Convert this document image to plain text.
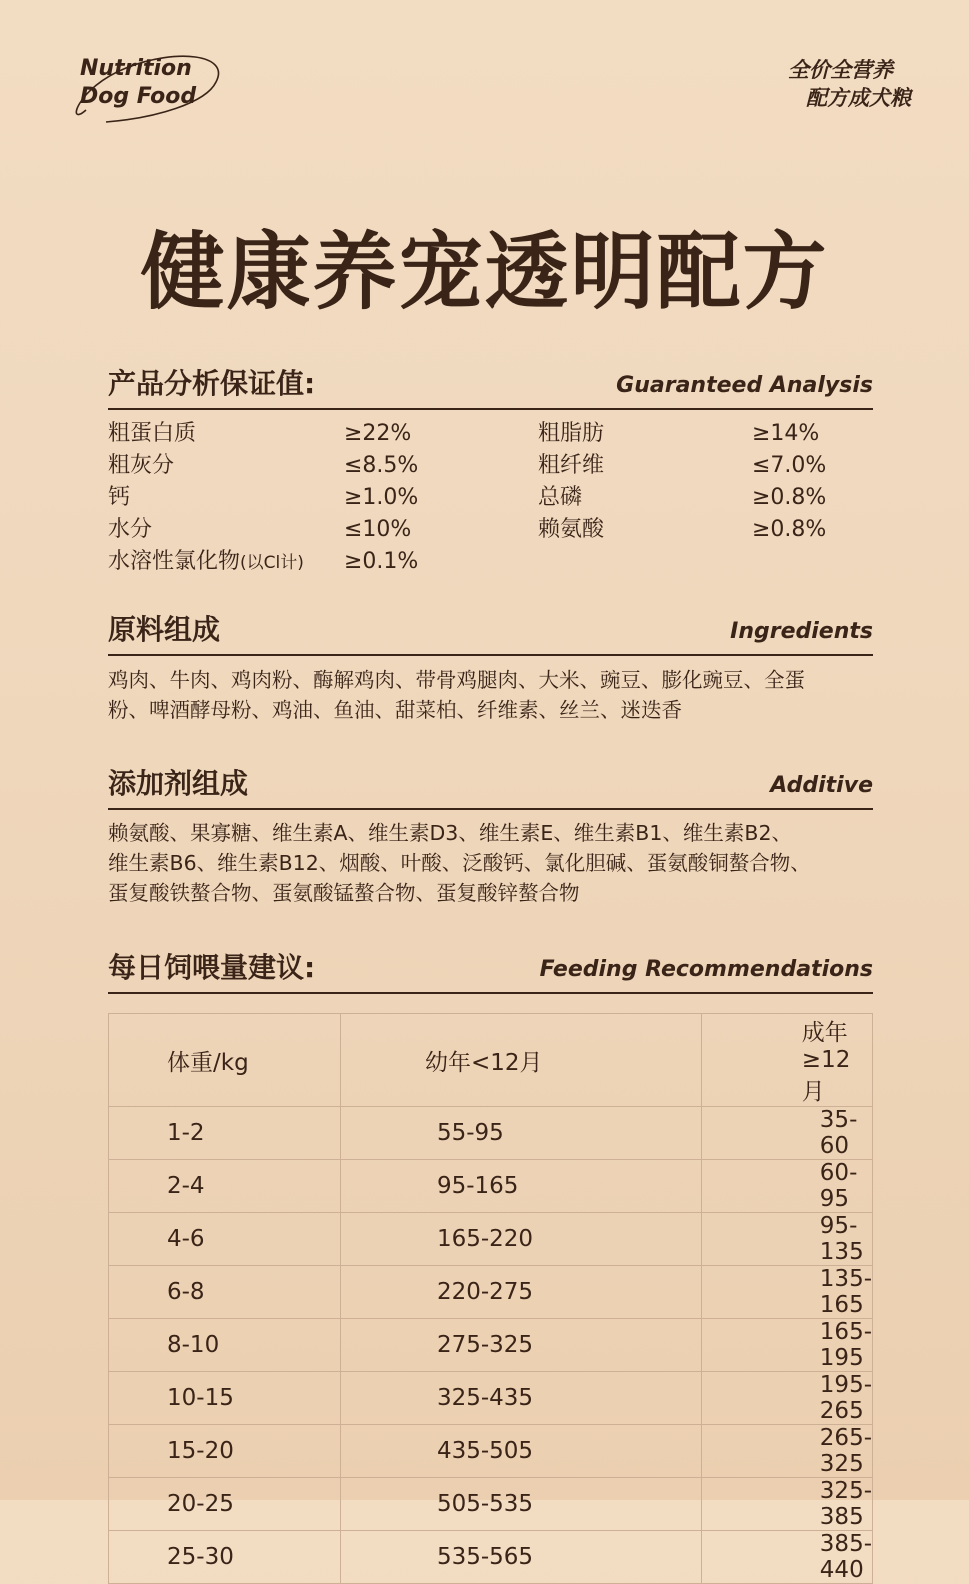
Nutrition
Dog Food
全价全营养
配方成犬粮
健康养宠透明配方
产品分析保证值:	Guaranteed Analysis
粗蛋白质	≥22%	粗脂肪	≥14%
粗灰分	≤8.5%	粗纤维	≤7.0%
钙	≥1.0%	总磷	≥0.8%
水分	≤10%	赖氨酸	≥0.8%
水溶性氯化物(以Cl计) ≥0.1%
原料组成	Ingredients
鸡肉、牛肉、鸡肉粉、酶解鸡肉、带骨鸡腿肉、大米、豌豆、膨化豌豆、全蛋
粉、啤酒酵母粉、鸡油、鱼油、甜菜柏、纤维素、丝兰、迷迭香
添加剂组成	Additive
赖氨酸、果寡糖、维生素A、维生素D3、维生素E、维生素B1、维生素B2、
维生素B6、维生素B12、烟酸、叶酸、泛酸钙、氯化胆碱、蛋氨酸铜螯合物、
蛋复酸铁螯合物、蛋氨酸锰螯合物、蛋复酸锌螯合物
每日饲喂量建议:	Feeding Recommendations
体重/kg	幼年<12月	成年≥12月
1-2	55-95	35-60
2-4	95-165	60-95
4-6	165-220	95-135
6-8	220-275	135-165
8-10	275-325	165-195
10-15	325-435	195-265
15-20	435-505	265-325
20-25	505-535	325-385
25-30	535-565	385-440
